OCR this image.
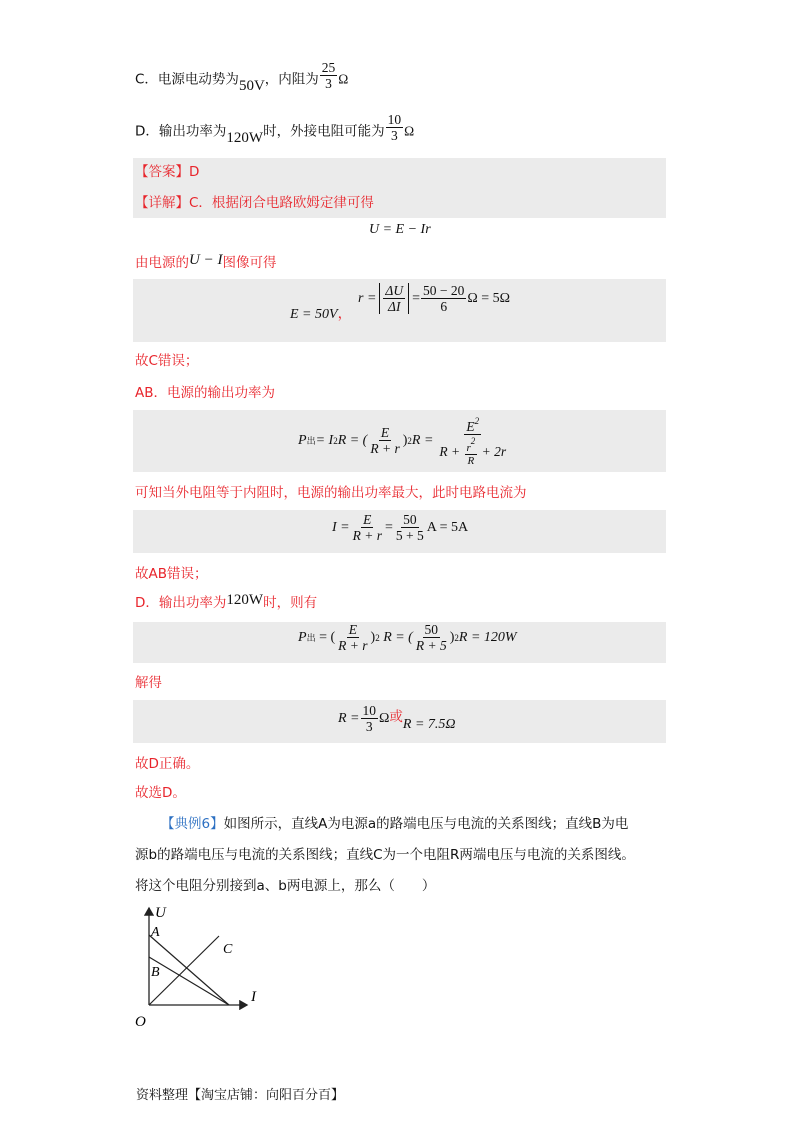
C．电源电动势为50V，内阻为 $\frac{25}{3}$ Ω
D．输出功率为120W时，外接电阻可能为 $\frac{10}{3}$ Ω
【答案】D
【详解】C．根据闭合电路欧姆定律可得
U = E − Ir
由电源的U − I图像可得
E = 50V，
$r = \frac{\Delta U}{\Delta I} = \frac{50 - 20}{6}$ Ω = 5Ω
故C错误；
AB．电源的输出功率为
P 出 = I 2 R = ( $\frac{E}{R + r}$ ) 2 $R = \frac{E^2}{R + \frac{r^2}{R} + 2r}$
可知当外电阻等于内阻时，电源的输出功率最大，此时电路电流为
$I = \frac{E}{R + r} = \frac{50}{5 + 5}$ A = 5A
故AB错误；
D．输出功率为120W时，则有
P 出 = ( $\frac{E}{R + r}$ ) 2 R = ( $\frac{50}{R + 5}$ ) 2 R = 120W
解得
$R = \frac{10}{3}$ Ω 或 R = 7.5Ω
故D正确。
故选D。
【典例6】如图所示，直线A为电源a的路端电压与电流的关系图线；直线B为电
源b的路端电压与电流的关系图线；直线C为一个电阻R两端电压与电流的关系图线。
将这个电阻分别接到a、b两电源上，那么（　　）
U
I
O
A
B
C
资料整理【淘宝店铺：向阳百分百】
